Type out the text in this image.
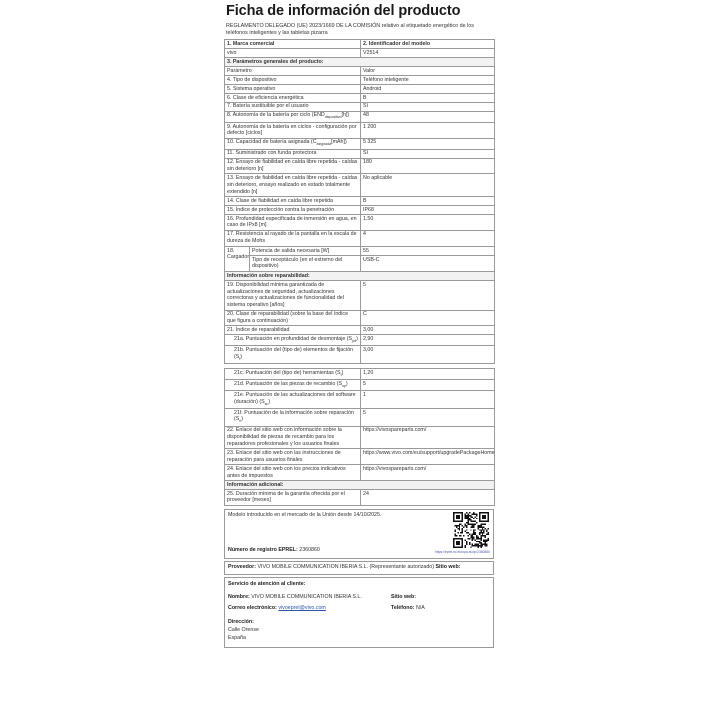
Ficha de información del producto
REGLAMENTO DELEGADO (UE) 2023/1669 DE LA COMISIÓN relativo al etiquetado energético de los teléfonos inteligentes y las tabletas pizarra
1. Marca comercial	2. Identificador del modelo
vivo	V2514
3. Parámetros generales del producto:	
Parámetro	Valor
4. Tipo de dispositivo	Teléfono inteligente
5. Sistema operativo	Android
6. Clase de eficiencia energética	B
7. Batería sustituible por el usuario	Sí
8. Autonomía de la batería por ciclo $(END_{dispositivo}[h])$	48
9. Autonomía de la batería en ciclos - configuración por defecto [ciclos]	1 200
10. Capacidad de batería asignada $(C_{asignada}[mAh])$	5 325
11. Suministrado con funda protectora	Sí
12. Ensayo de fiabilidad en caída libre repetida - caídas sin deterioro [n]	180
13. Ensayo de fiabilidad en caída libre repetida - caídas sin deterioro, ensayo realizado en estado totalmente extendido [n]	No aplicable
14. Clase de fiabilidad en caída libre repetida	B
15. Índice de protección contra la penetración	IP68
16. Profundidad especificada de inmersión en agua, en caso de IPx8 [m]	1,50
17. Resistencia al rayado de la pantalla en la escala de dureza de Mohs	4
18. Cargador	Potencia de salida necesaria [W]	55
	Tipo de receptáculo (en el extremo del dispositivo)	USB-C
Información sobre reparabilidad:	
19. Disponibilidad mínima garantizada de actualizaciones de seguridad, actualizaciones correctoras y actualizaciones de funcionalidad del sistema operativo [años]	5
20. Clase de reparabilidad (sobre la base del índice que figura a continuación)	C
21. Índice de reparabilidad	3,00
21a. Puntuación en profundidad de desmontaje $(S_{pd})$	2,90
21b. Puntuación del (tipo de) elementos de fijación $(S_f)$	3,00
21c. Puntuación del (tipo de) herramientas $(S_t)$	1,20
21d. Puntuación de las piezas de recambio $(S_{sp})$	5
21e. Puntuación de las actualizaciones del software (duración) $(S_{su})$	1
21f. Puntuación de la información sobre reparación $(S_{ri})$	5
22. Enlace del sitio web con información sobre la disponibilidad de piezas de recambio para los reparadores profesionales y los usuarios finales	https://vivospareparts.com/
23. Enlace del sitio web con las instrucciones de reparación para usuarios finales	https://www.vivo.com/eu/support/upgradePackageHome
24. Enlace del sitio web con los precios indicativos antes de impuestos	https://vivospareparts.com/
Información adicional:	
25. Duración mínima de la garantía ofrecida por el proveedor [meses]	24
Modelo introducido en el mercado de la Unión desde 14/10/2025.
https://eprel.ec.europa.eu/qr/2360860
Número de registro EPREL: 2360860
Proveedor: VIVO MOBILE COMMUNICATION IBERIA S.L. (Representante autorizado) Sitio web:
Servicio de atención al cliente:
Nombre: VIVO MOBILE COMMUNICATION IBERIA S.L.	Sitio web:
Correo electrónico: vivoeprel@vivo.com	Teléfono: N/A
Dirección:
Calle Orense
España
